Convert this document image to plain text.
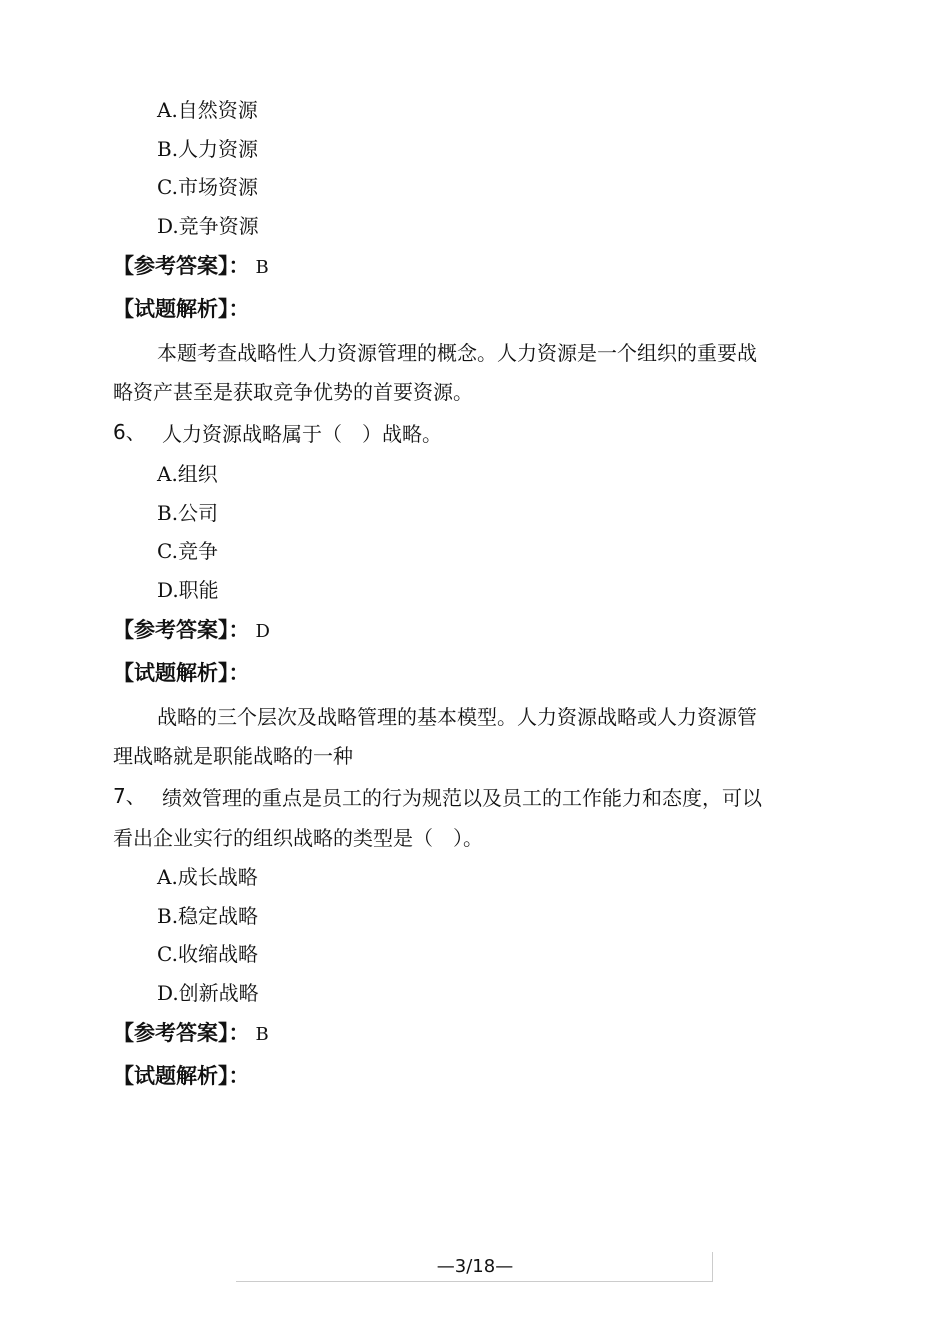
A.自然资源
B.人力资源
C.市场资源
D.竞争资源
【参考答案】： B
【试题解析】：
本题考查战略性人力资源管理的概念。人力资源是一个组织的重要战
略资产甚至是获取竞争优势的首要资源。
6、 人力资源战略属于（　）战略。
A.组织
B.公司
C.竞争
D.职能
【参考答案】： D
【试题解析】：
战略的三个层次及战略管理的基本模型。人力资源战略或人力资源管
理战略就是职能战略的一种
7、 绩效管理的重点是员工的行为规范以及员工的工作能力和态度，可以
看出企业实行的组织战略的类型是（　）。
A.成长战略
B.稳定战略
C.收缩战略
D.创新战略
【参考答案】： B
【试题解析】：
—3/18—
